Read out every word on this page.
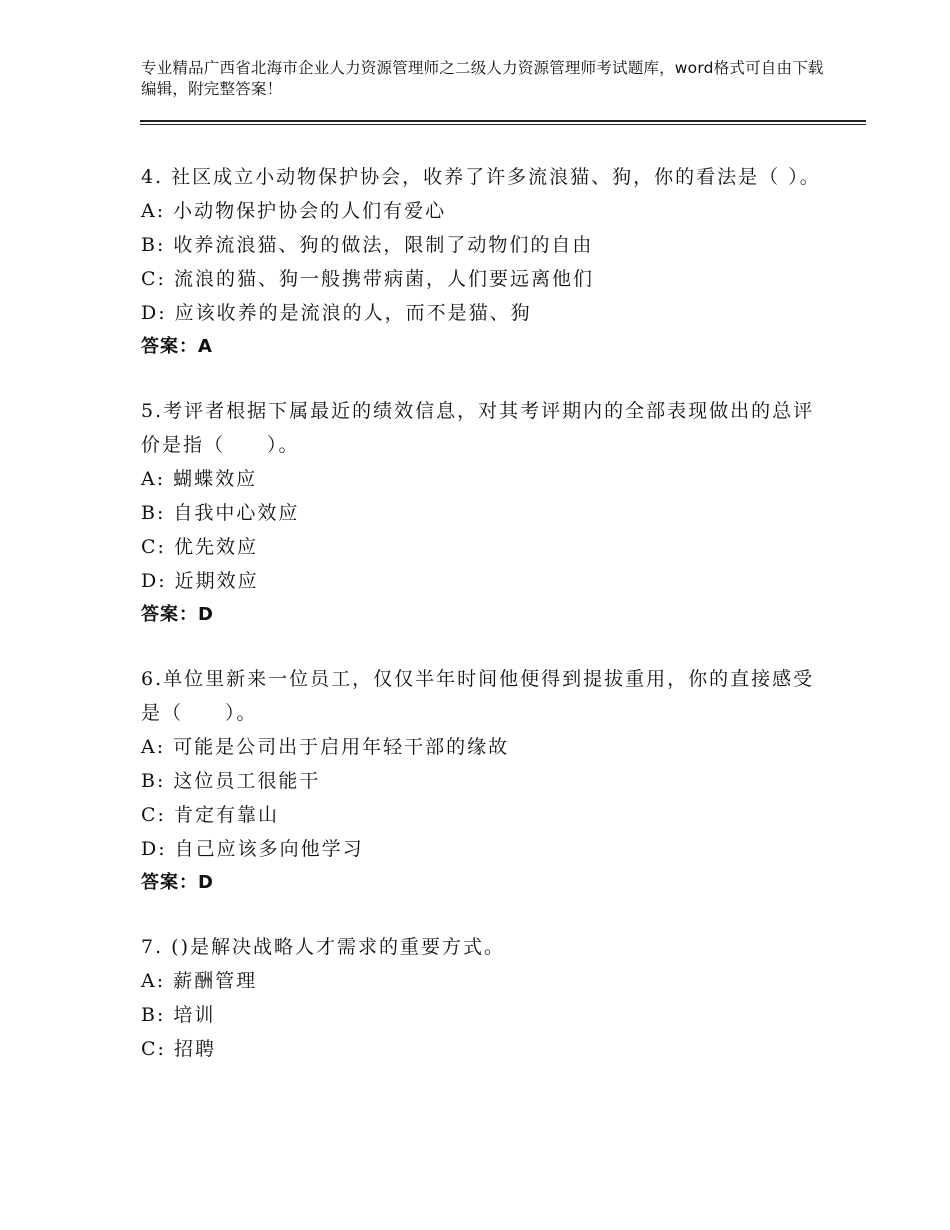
专业精品广西省北海市企业人力资源管理师之二级人力资源管理师考试题库，word格式可自由下载编辑，附完整答案！
4. 社区成立小动物保护协会，收养了许多流浪猫、狗，你的看法是（ ）。
A: 小动物保护协会的人们有爱心
B: 收养流浪猫、狗的做法，限制了动物们的自由
C: 流浪的猫、狗一般携带病菌，人们要远离他们
D: 应该收养的是流浪的人，而不是猫、狗
答案：A
5.考评者根据下属最近的绩效信息，对其考评期内的全部表现做出的总评价是指（　　）。
A: 蝴蝶效应
B: 自我中心效应
C: 优先效应
D: 近期效应
答案：D
6.单位里新来一位员工，仅仅半年时间他便得到提拔重用，你的直接感受是（　　）。
A: 可能是公司出于启用年轻干部的缘故
B: 这位员工很能干
C: 肯定有靠山
D: 自己应该多向他学习
答案：D
7. ()是解决战略人才需求的重要方式。
A: 薪酬管理
B: 培训
C: 招聘
